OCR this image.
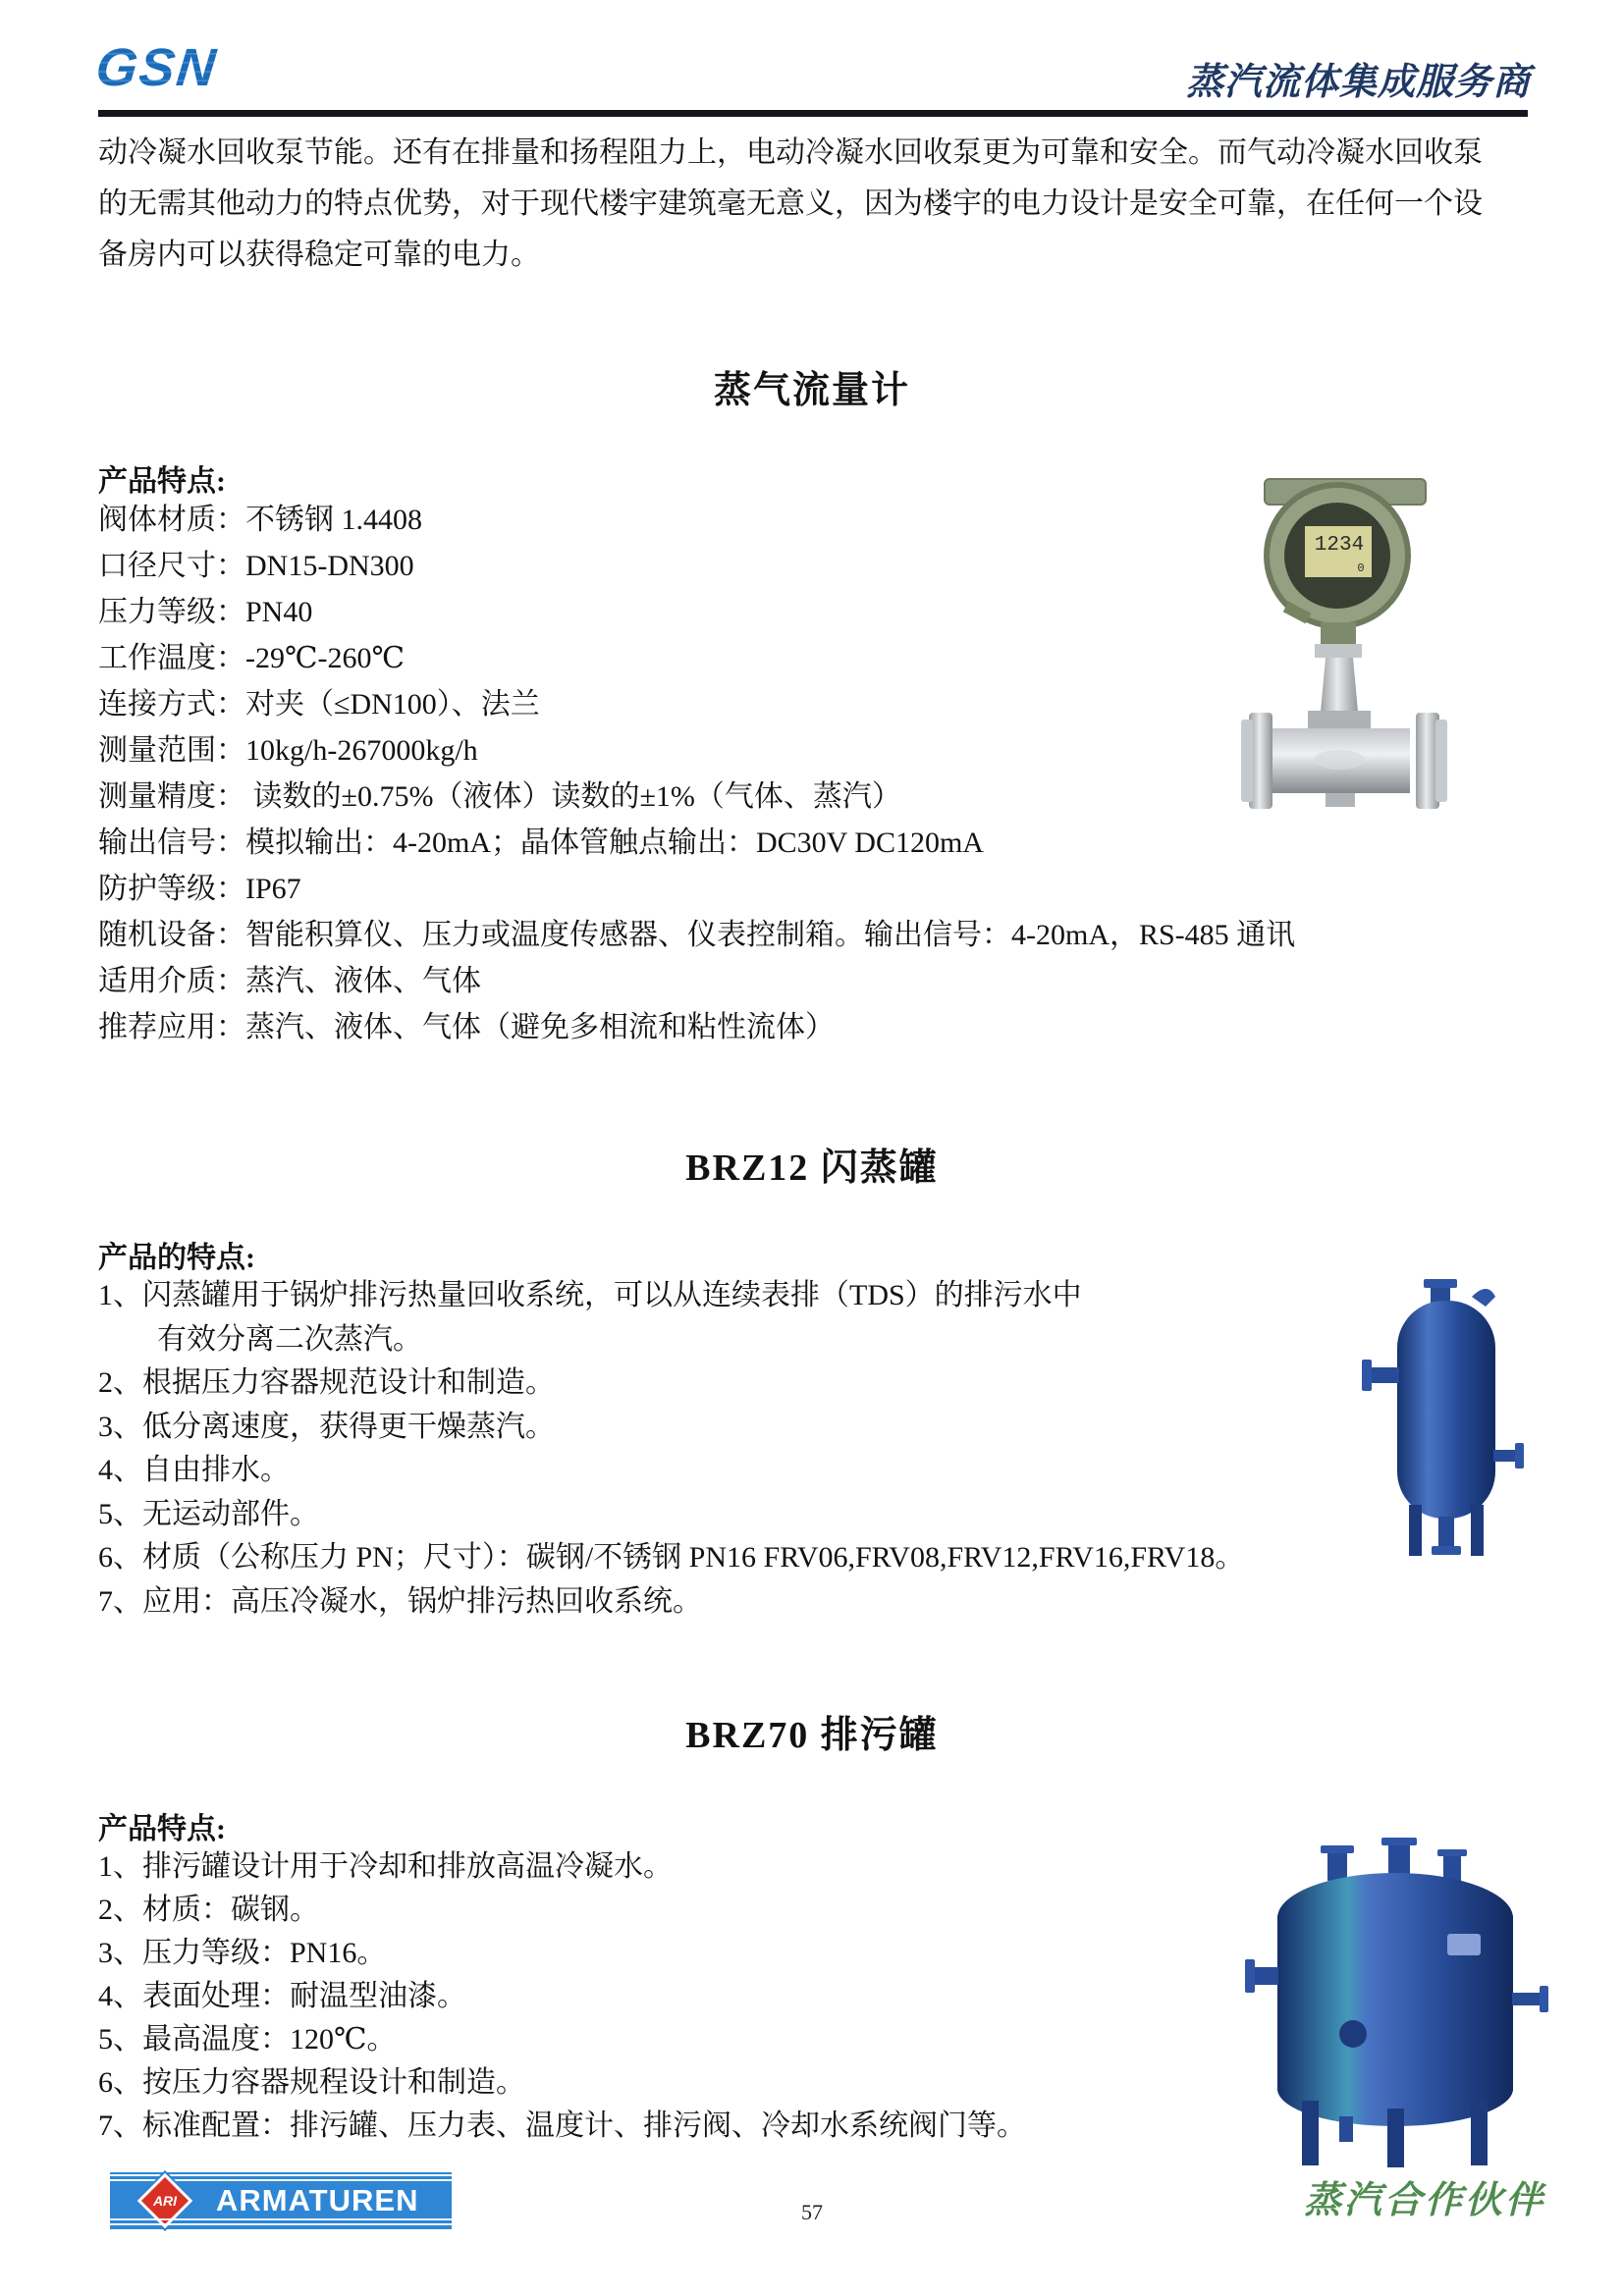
GSN	蒸汽流体集成服务商
动冷凝水回收泵节能。还有在排量和扬程阻力上，电动冷凝水回收泵更为可靠和安全。而气动冷凝水回收泵
的无需其他动力的特点优势，对于现代楼宇建筑毫无意义，因为楼宇的电力设计是安全可靠，在任何一个设
备房内可以获得稳定可靠的电力。
蒸气流量计
产品特点:
阀体材质：不锈钢 1.4408
口径尺寸：DN15-DN300
压力等级：PN40
工作温度：-29℃-260℃
连接方式：对夹（≤DN100）、法兰
测量范围：10kg/h-267000kg/h
测量精度： 读数的±0.75%（液体）读数的±1%（气体、蒸汽）
输出信号：模拟输出：4-20mA；晶体管触点输出：DC30V DC120mA
防护等级：IP67
随机设备：智能积算仪、压力或温度传感器、仪表控制箱。输出信号：4-20mA，RS-485 通讯
适用介质：蒸汽、液体、气体
推荐应用：蒸汽、液体、气体（避免多相流和粘性流体）
1234
0
BRZ12 闪蒸罐
产品的特点:
1、闪蒸罐用于锅炉排污热量回收系统，可以从连续表排（TDS）的排污水中
有效分离二次蒸汽。
2、根据压力容器规范设计和制造。
3、低分离速度，获得更干燥蒸汽。
4、自由排水。
5、无运动部件。
6、材质（公称压力 PN；尺寸）：碳钢/不锈钢 PN16 FRV06,FRV08,FRV12,FRV16,FRV18。
7、应用：高压冷凝水，锅炉排污热回收系统。
BRZ70 排污罐
产品特点:
1、排污罐设计用于冷却和排放高温冷凝水。
2、材质：碳钢。
3、压力等级：PN16。
4、表面处理：耐温型油漆。
5、最高温度：120℃。
6、按压力容器规程设计和制造。
7、标准配置：排污罐、压力表、温度计、排污阀、冷却水系统阀门等。
ARI ARMATUREN	57	蒸汽合作伙伴
